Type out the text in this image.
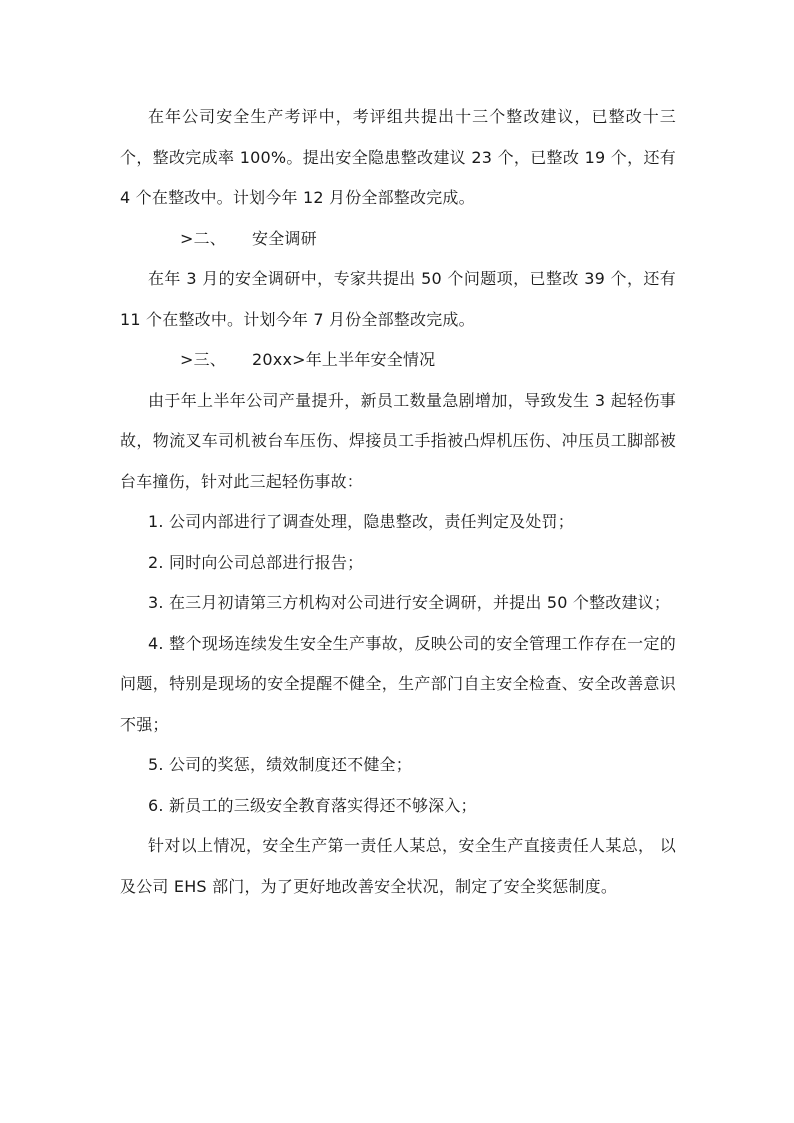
在年公司安全生产考评中，考评组共提出十三个整改建议，已整改十三个，整改完成率 100%。提出安全隐患整改建议 23 个，已整改 19 个，还有 4 个在整改中。计划今年 12 月份全部整改完成。

>二、 安全调研

在年 3 月的安全调研中，专家共提出 50 个问题项，已整改 39 个，还有 11 个在整改中。计划今年 7 月份全部整改完成。

>三、 20xx>年上半年安全情况

由于年上半年公司产量提升，新员工数量急剧增加，导致发生 3 起轻伤事故，物流叉车司机被台车压伤、焊接员工手指被凸焊机压伤、冲压员工脚部被台车撞伤，针对此三起轻伤事故：

1. 公司内部进行了调查处理，隐患整改，责任判定及处罚；

2. 同时向公司总部进行报告；

3. 在三月初请第三方机构对公司进行安全调研，并提出 50 个整改建议；

4. 整个现场连续发生安全生产事故，反映公司的安全管理工作存在一定的问题，特别是现场的安全提醒不健全，生产部门自主安全检查、安全改善意识不强；

5. 公司的奖惩，绩效制度还不健全；

6. 新员工的三级安全教育落实得还不够深入；

针对以上情况，安全生产第一责任人某总，安全生产直接责任人某总， 以及公司 EHS 部门，为了更好地改善安全状况，制定了安全奖惩制度。
